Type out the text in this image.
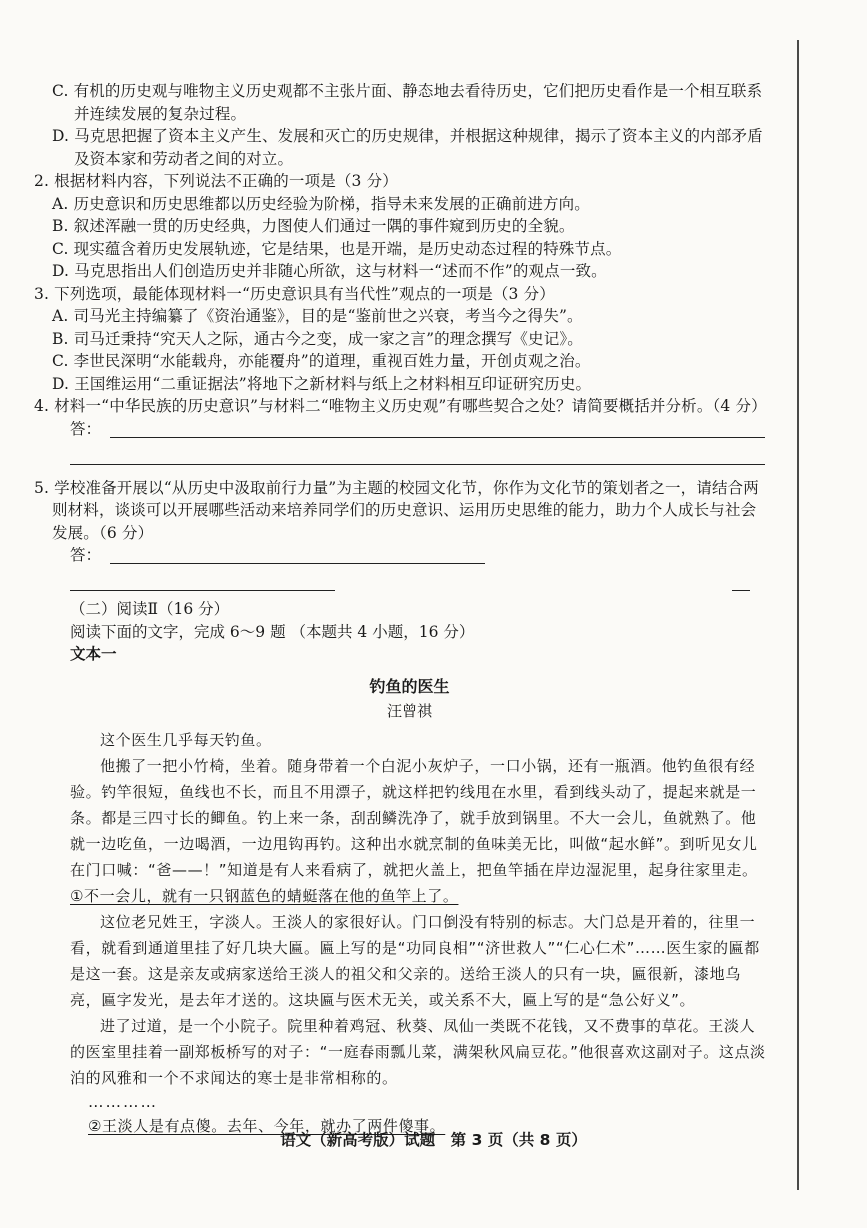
C. 有机的历史观与唯物主义历史观都不主张片面、静态地去看待历史，它们把历史看作是一个相互联系并连续发展的复杂过程。

D. 马克思把握了资本主义产生、发展和灭亡的历史规律，并根据这种规律，揭示了资本主义的内部矛盾及资本家和劳动者之间的对立。

2. 根据材料内容，下列说法不正确的一项是（3 分）

A. 历史意识和历史思维都以历史经验为阶梯，指导未来发展的正确前进方向。

B. 叙述浑融一贯的历史经典，力图使人们通过一隅的事件窥到历史的全貌。

C. 现实蕴含着历史发展轨迹，它是结果，也是开端，是历史动态过程的特殊节点。

D. 马克思指出人们创造历史并非随心所欲，这与材料一“述而不作”的观点一致。

3. 下列选项，最能体现材料一“历史意识具有当代性”观点的一项是（3 分）

A. 司马光主持编纂了《资治通鉴》，目的是“鉴前世之兴衰，考当今之得失”。

B. 司马迁秉持“究天人之际，通古今之变，成一家之言”的理念撰写《史记》。

C. 李世民深明“水能载舟，亦能覆舟”的道理，重视百姓力量，开创贞观之治。

D. 王国维运用“二重证据法”将地下之新材料与纸上之材料相互印证研究历史。

4. 材料一“中华民族的历史意识”与材料二“唯物主义历史观”有哪些契合之处？请简要概括并分析。（4 分）

答：

5. 学校准备开展以“从历史中汲取前行力量”为主题的校园文化节，你作为文化节的策划者之一，请结合两则材料，谈谈可以开展哪些活动来培养同学们的历史意识、运用历史思维的能力，助力个人成长与社会发展。（6 分）

答：

（二）阅读Ⅱ（16 分）

阅读下面的文字，完成 6～9 题 （本题共 4 小题，16 分）

文本一

钓鱼的医生

汪曾祺

这个医生几乎每天钓鱼。

他搬了一把小竹椅，坐着。随身带着一个白泥小灰炉子，一口小锅，还有一瓶酒。他钓鱼很有经验。钓竿很短，鱼线也不长，而且不用漂子，就这样把钓线甩在水里，看到线头动了，提起来就是一条。都是三四寸长的鲫鱼。钓上来一条，刮刮鳞洗净了，就手放到锅里。不大一会儿，鱼就熟了。他就一边吃鱼，一边喝酒，一边甩钩再钓。这种出水就烹制的鱼味美无比，叫做“起水鲜”。到听见女儿在门口喊：“爸——！”知道是有人来看病了，就把火盖上，把鱼竿插在岸边湿泥里，起身往家里走。①不一会儿，就有一只钢蓝色的蜻蜓落在他的鱼竿上了。

这位老兄姓王，字淡人。王淡人的家很好认。门口倒没有特别的标志。大门总是开着的，往里一看，就看到通道里挂了好几块大匾。匾上写的是“功同良相”“济世救人”“仁心仁术”……医生家的匾都是这一套。这是亲友或病家送给王淡人的祖父和父亲的。送给王淡人的只有一块，匾很新，漆地乌亮，匾字发光，是去年才送的。这块匾与医术无关，或关系不大，匾上写的是“急公好义”。

进了过道，是一个小院子。院里种着鸡冠、秋葵、凤仙一类既不花钱，又不费事的草花。王淡人的医室里挂着一副郑板桥写的对子：“一庭春雨瓢儿菜，满架秋风扁豆花。”他很喜欢这副对子。这点淡泊的风雅和一个不求闻达的寒士是非常相称的。

…………

②王淡人是有点傻。去年、今年，就办了两件傻事。

语文（新高考版）试题　第 3 页（共 8 页）
